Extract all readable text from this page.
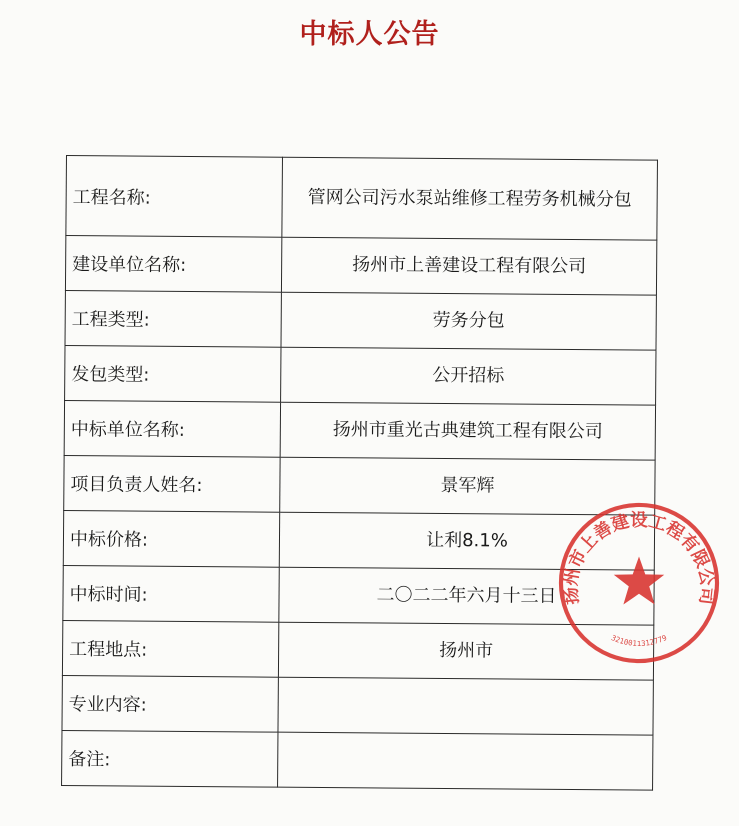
中标人公告
工程名称:	管网公司污水泵站维修工程劳务机械分包
建设单位名称:	扬州市上善建设工程有限公司
工程类型:	劳务分包
发包类型:	公开招标
中标单位名称:	扬州市重光古典建筑工程有限公司
项目负责人姓名:	景军辉
中标价格:	让利8.1%
中标时间:	二〇二二年六月十三日
工程地点:	扬州市
专业内容:	
备注:	
扬州市上善建设工程有限公司
3210011312779
